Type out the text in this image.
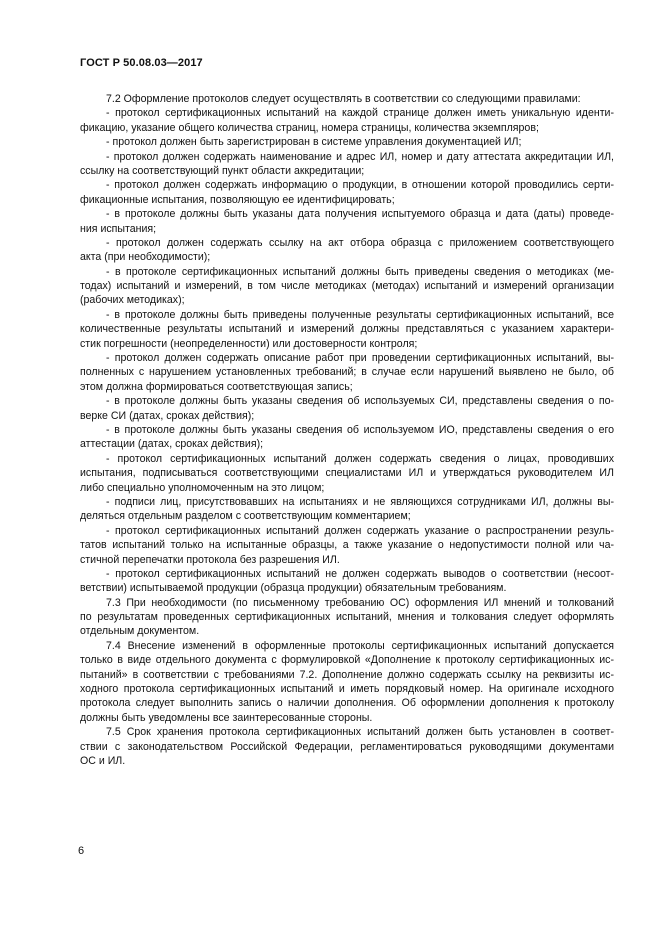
ГОСТ Р 50.08.03—2017
7.2 Оформление протоколов следует осуществлять в соответствии со следующими правилами:
- протокол сертификационных испытаний на каждой странице должен иметь уникальную иденти-
фикацию, указание общего количества страниц, номера страницы, количества экземпляров;
- протокол должен быть зарегистрирован в системе управления документацией ИЛ;
- протокол должен содержать наименование и адрес ИЛ, номер и дату аттестата аккредитации ИЛ,
ссылку на соответствующий пункт области аккредитации;
- протокол должен содержать информацию о продукции, в отношении которой проводились серти-
фикационные испытания, позволяющую ее идентифицировать;
- в протоколе должны быть указаны дата получения испытуемого образца и дата (даты) проведе-
ния испытания;
- протокол должен содержать ссылку на акт отбора образца с приложением соответствующего
акта (при необходимости);
- в протоколе сертификационных испытаний должны быть приведены сведения о методиках (ме-
тодах) испытаний и измерений, в том числе методиках (методах) испытаний и измерений организации
(рабочих методиках);
- в протоколе должны быть приведены полученные результаты сертификационных испытаний, все
количественные результаты испытаний и измерений должны представляться с указанием характери-
стик погрешности (неопределенности) или достоверности контроля;
- протокол должен содержать описание работ при проведении сертификационных испытаний, вы-
полненных с нарушением установленных требований; в случае если нарушений выявлено не было, об
этом должна формироваться соответствующая запись;
- в протоколе должны быть указаны сведения об используемых СИ, представлены сведения о по-
верке СИ (датах, сроках действия);
- в протоколе должны быть указаны сведения об используемом ИО, представлены сведения о его
аттестации (датах, сроках действия);
- протокол сертификационных испытаний должен содержать сведения о лицах, проводивших
испытания, подписываться соответствующими специалистами ИЛ и утверждаться руководителем ИЛ
либо специально уполномоченным на это лицом;
- подписи лиц, присутствовавших на испытаниях и не являющихся сотрудниками ИЛ, должны вы-
деляться отдельным разделом с соответствующим комментарием;
- протокол сертификационных испытаний должен содержать указание о распространении резуль-
татов испытаний только на испытанные образцы, а также указание о недопустимости полной или ча-
стичной перепечатки протокола без разрешения ИЛ.
- протокол сертификационных испытаний не должен содержать выводов о соответствии (несоот-
ветствии) испытываемой продукции (образца продукции) обязательным требованиям.
7.3 При необходимости (по письменному требованию ОС) оформления ИЛ мнений и толкований
по результатам проведенных сертификационных испытаний, мнения и толкования следует оформлять
отдельным документом.
7.4 Внесение изменений в оформленные протоколы сертификационных испытаний допускается
только в виде отдельного документа с формулировкой «Дополнение к протоколу сертификационных ис-
пытаний» в соответствии с требованиями 7.2. Дополнение должно содержать ссылку на реквизиты ис-
ходного протокола сертификационных испытаний и иметь порядковый номер. На оригинале исходного
протокола следует выполнить запись о наличии дополнения. Об оформлении дополнения к протоколу
должны быть уведомлены все заинтересованные стороны.
7.5 Срок хранения протокола сертификационных испытаний должен быть установлен в соответ-
ствии с законодательством Российской Федерации, регламентироваться руководящими документами
ОС и ИЛ.
6
